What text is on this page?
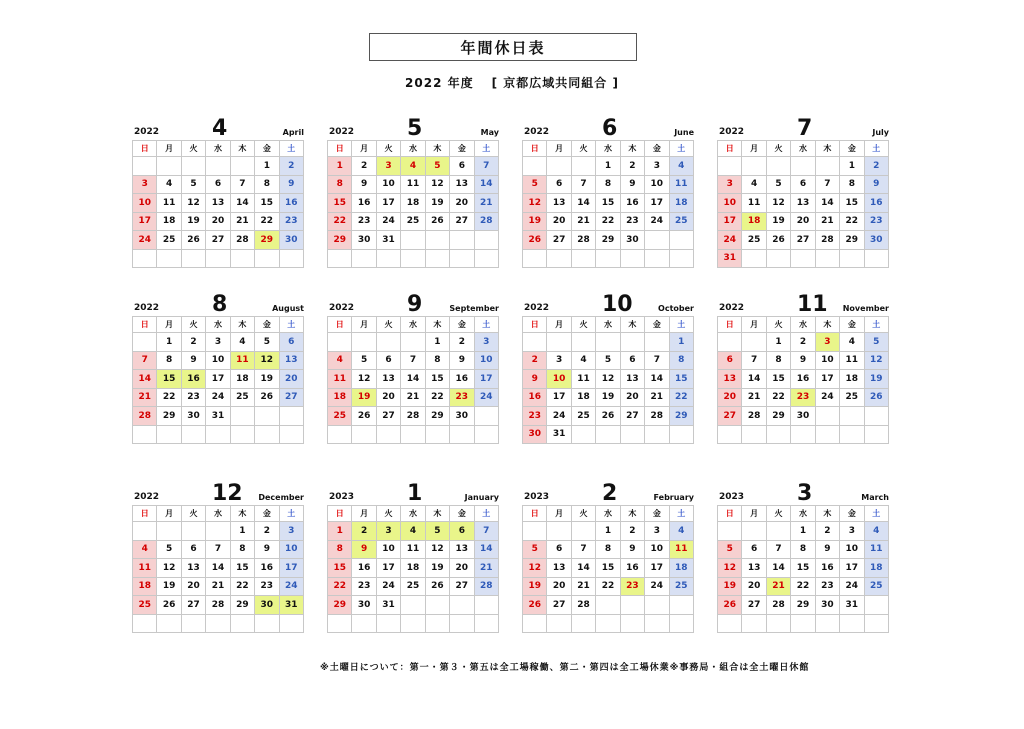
年間休日表
2022 年度 [ 京都広域共同組合 ]
2022 4	April
日	月	火	水	木	金	土
					1	2
3	4	5	6	7	8	9
10	11	12	13	14	15	16
17	18	19	20	21	22	23
24	25	26	27	28	29	30

2022 5	May
日	月	火	水	木	金	土
1	2	3	4	5	6	7
8	9	10	11	12	13	14
15	16	17	18	19	20	21
22	23	24	25	26	27	28
29	30	31				

2022 6	June
日	月	火	水	木	金	土
			1	2	3	4
5	6	7	8	9	10	11
12	13	14	15	16	17	18
19	20	21	22	23	24	25
26	27	28	29	30		

2022 7	July
日	月	火	水	木	金	土
					1	2
3	4	5	6	7	8	9
10	11	12	13	14	15	16
17	18	19	20	21	22	23
24	25	26	27	28	29	30
31						
2022 8	August
日	月	火	水	木	金	土
	1	2	3	4	5	6
7	8	9	10	11	12	13
14	15	16	17	18	19	20
21	22	23	24	25	26	27
28	29	30	31			

2022 9	September
日	月	火	水	木	金	土
				1	2	3
4	5	6	7	8	9	10
11	12	13	14	15	16	17
18	19	20	21	22	23	24
25	26	27	28	29	30	

2022 10	October
日	月	火	水	木	金	土
						1
2	3	4	5	6	7	8
9	10	11	12	13	14	15
16	17	18	19	20	21	22
23	24	25	26	27	28	29
30	31					
2022 11 November
日	月	火	水	木	金	土
		1	2	3	4	5
6	7	8	9	10	11	12
13	14	15	16	17	18	19
20	21	22	23	24	25	26
27	28	29	30			

2022 12 December
日	月	火	水	木	金	土
				1	2	3
4	5	6	7	8	9	10
11	12	13	14	15	16	17
18	19	20	21	22	23	24
25	26	27	28	29	30	31

2023 1	January
日	月	火	水	木	金	土
1	2	3	4	5	6	7
8	9	10	11	12	13	14
15	16	17	18	19	20	21
22	23	24	25	26	27	28
29	30	31				

2023 2	February
日	月	火	水	木	金	土
			1	2	3	4
5	6	7	8	9	10	11
12	13	14	15	16	17	18
19	20	21	22	23	24	25
26	27	28				

2023 3	March
日	月	火	水	木	金	土
			1	2	3	4
5	6	7	8	9	10	11
12	13	14	15	16	17	18
19	20	21	22	23	24	25
26	27	28	29	30	31	

※土曜日について：第一・第３・第五は全工場稼働、第二・第四は全工場休業※事務局・組合は全土曜日休館
